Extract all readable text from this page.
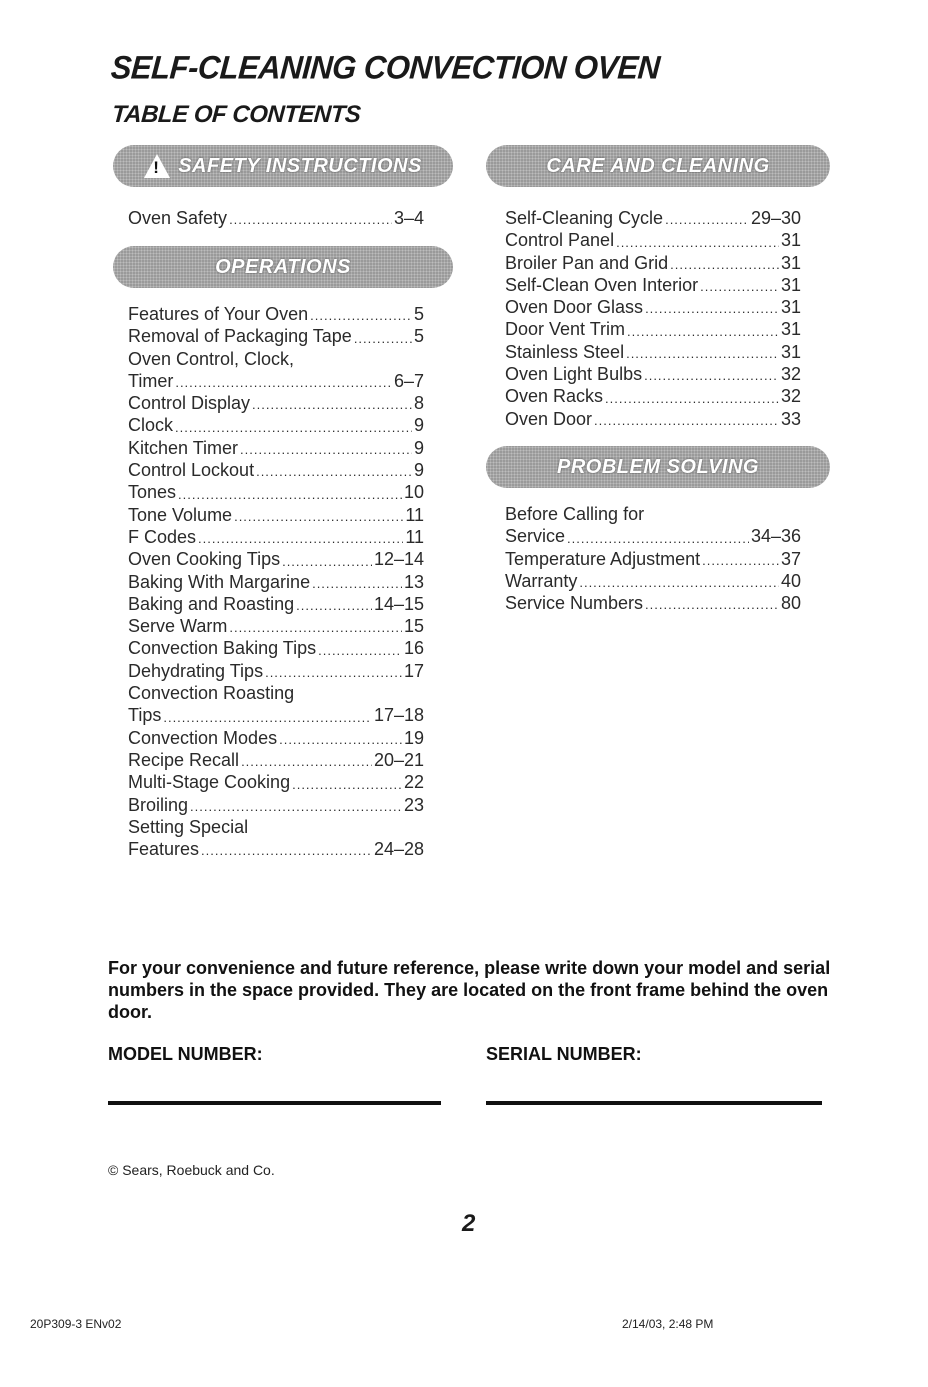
SELF-CLEANING CONVECTION OVEN
TABLE OF CONTENTS
!
SAFETY INSTRUCTIONS
Oven Safety .....	3–4
OPERATIONS
Features of Your Oven .....	5
Removal of Packaging Tape .....	5
Oven Control, Clock,
Timer .....	6–7
Control Display .....	8
Clock .....	9
Kitchen Timer .....	9
Control Lockout .....	9
Tones .....	10
Tone Volume .....	11
F Codes .....	11
Oven Cooking Tips .....	12–14
Baking With Margarine .....	13
Baking and Roasting .....	14–15
Serve Warm .....	15
Convection Baking Tips .....	16
Dehydrating Tips .....	17
Convection Roasting
Tips .....	17–18
Convection Modes .....	19
Recipe Recall .....	20–21
Multi-Stage Cooking .....	22
Broiling .....	23
Setting Special
Features .....	24–28
CARE AND CLEANING
Self-Cleaning Cycle .....	29–30
Control Panel .....	31
Broiler Pan and Grid .....	31
Self-Clean Oven Interior .....	31
Oven Door Glass .....	31
Door Vent Trim .....	31
Stainless Steel .....	31
Oven Light Bulbs .....	32
Oven Racks .....	32
Oven Door .....	33
PROBLEM SOLVING
Before Calling for
Service .....	34–36
Temperature Adjustment .....	37
Warranty .....	40
Service Numbers .....	80

For your convenience and future reference, please write down your model and serial numbers in the space provided. They are located on the front frame behind the oven door.

MODEL NUMBER:	SERIAL NUMBER:

© Sears, Roebuck and Co.
2
20P309-3 ENv02	2/14/03, 2:48 PM
